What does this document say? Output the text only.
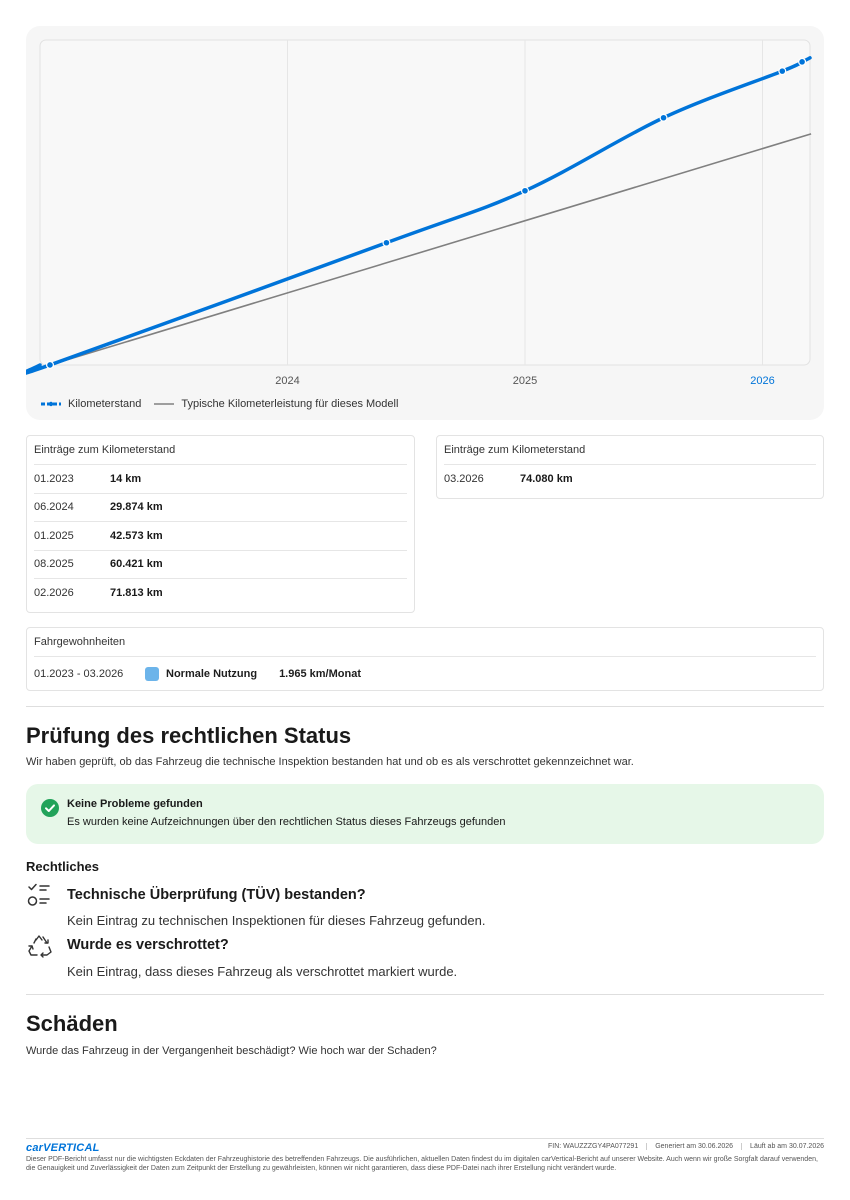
2024	2025	2026
Kilometerstand	Typische Kilometerleistung für dieses Modell
Einträge zum Kilometerstand
01.2023	14 km
06.2024	29.874 km
01.2025	42.573 km
08.2025	60.421 km
02.2026	71.813 km
Einträge zum Kilometerstand
03.2026	74.080 km
Fahrgewohnheiten
01.2023 - 03.2026	Normale Nutzung 1.965 km/Monat
Prüfung des rechtlichen Status
Wir haben geprüft, ob das Fahrzeug die technische Inspektion bestanden hat und ob es als verschrottet gekennzeichnet war.
Keine Probleme gefunden
Es wurden keine Aufzeichnungen über den rechtlichen Status dieses Fahrzeugs gefunden
Rechtliches
Technische Überprüfung (TÜV) bestanden?
Kein Eintrag zu technischen Inspektionen für dieses Fahrzeug gefunden.
Wurde es verschrottet?
Kein Eintrag, dass dieses Fahrzeug als verschrottet markiert wurde.
Schäden
Wurde das Fahrzeug in der Vergangenheit beschädigt? Wie hoch war der Schaden?
carVERTICAL	FIN: WAUZZZGY4PA077291	Generiert am 30.06.2026	Läuft ab am 30.07.2026
Dieser PDF-Bericht umfasst nur die wichtigsten Eckdaten der Fahrzeughistorie des betreffenden Fahrzeugs. Die ausführlichen, aktuellen Daten findest du im digitalen carVertical-Bericht auf unserer Website. Auch wenn wir große Sorgfalt darauf verwenden, die Genauigkeit und Zuverlässigkeit der Daten zum Zeitpunkt der Erstellung zu gewährleisten, können wir nicht garantieren, dass diese PDF-Datei nach ihrer Erstellung nicht verändert wurde.
